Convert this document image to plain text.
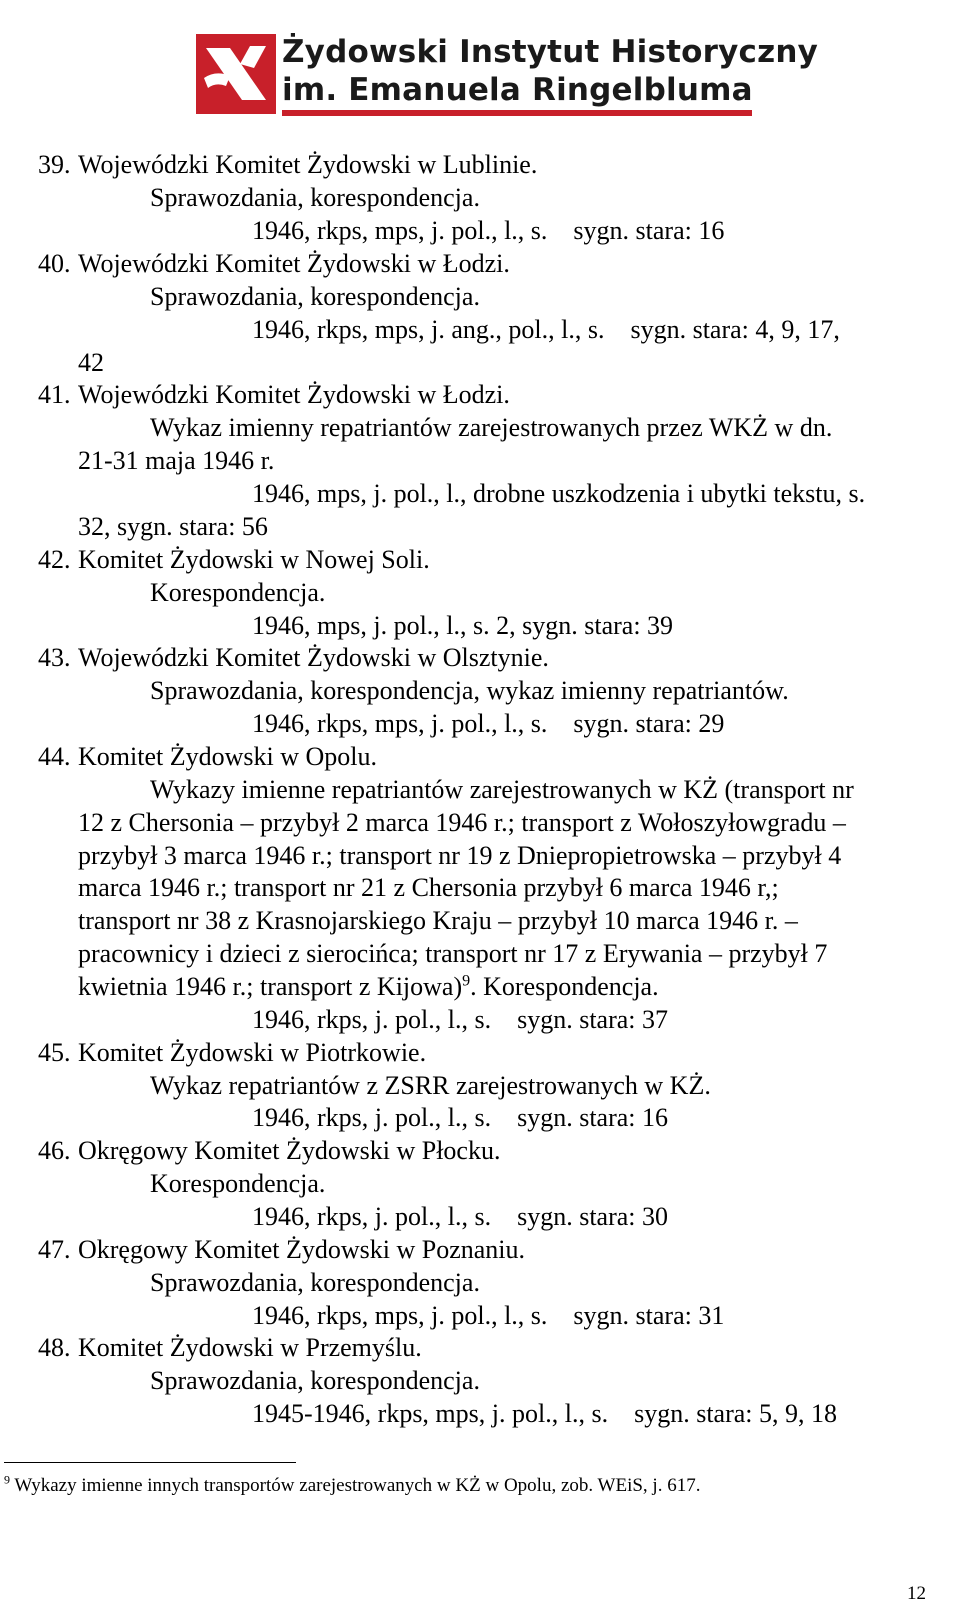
Żydowski Instytut Historyczny
im. Emanuela Ringelbluma
39. Wojewódzki Komitet Żydowski w Lublinie.
Sprawozdania, korespondencja.
1946, rkps, mps, j. pol., l., s. sygn. stara: 16
40. Wojewódzki Komitet Żydowski w Łodzi.
Sprawozdania, korespondencja.
1946, rkps, mps, j. ang., pol., l., s. sygn. stara: 4, 9, 17,
42
41. Wojewódzki Komitet Żydowski w Łodzi.
Wykaz imienny repatriantów zarejestrowanych przez WKŻ w dn.
21-31 maja 1946 r.
1946, mps, j. pol., l., drobne uszkodzenia i ubytki tekstu, s.
32, sygn. stara: 56
42. Komitet Żydowski w Nowej Soli.
Korespondencja.
1946, mps, j. pol., l., s. 2, sygn. stara: 39
43. Wojewódzki Komitet Żydowski w Olsztynie.
Sprawozdania, korespondencja, wykaz imienny repatriantów.
1946, rkps, mps, j. pol., l., s. sygn. stara: 29
44. Komitet Żydowski w Opolu.
Wykazy imienne repatriantów zarejestrowanych w KŻ (transport nr
12 z Chersonia – przybył 2 marca 1946 r.; transport z Wołoszyłowgradu –
przybył 3 marca 1946 r.; transport nr 19 z Dniepropietrowska – przybył 4
marca 1946 r.; transport nr 21 z Chersonia przybył 6 marca 1946 r,;
transport nr 38 z Krasnojarskiego Kraju – przybył 10 marca 1946 r. –
pracownicy i dzieci z sierocińca; transport nr 17 z Erywania – przybył 7
kwietnia 1946 r.; transport z Kijowa)$^9$. Korespondencja.
1946, rkps, j. pol., l., s. sygn. stara: 37
45. Komitet Żydowski w Piotrkowie.
Wykaz repatriantów z ZSRR zarejestrowanych w KŻ.
1946, rkps, j. pol., l., s. sygn. stara: 16
46. Okręgowy Komitet Żydowski w Płocku.
Korespondencja.
1946, rkps, j. pol., l., s. sygn. stara: 30
47. Okręgowy Komitet Żydowski w Poznaniu.
Sprawozdania, korespondencja.
1946, rkps, mps, j. pol., l., s. sygn. stara: 31
48. Komitet Żydowski w Przemyślu.
Sprawozdania, korespondencja.
1945-1946, rkps, mps, j. pol., l., s. sygn. stara: 5, 9, 18
$^9$ Wykazy imienne innych transportów zarejestrowanych w KŻ w Opolu, zob. WEiS, j. 617.
12
